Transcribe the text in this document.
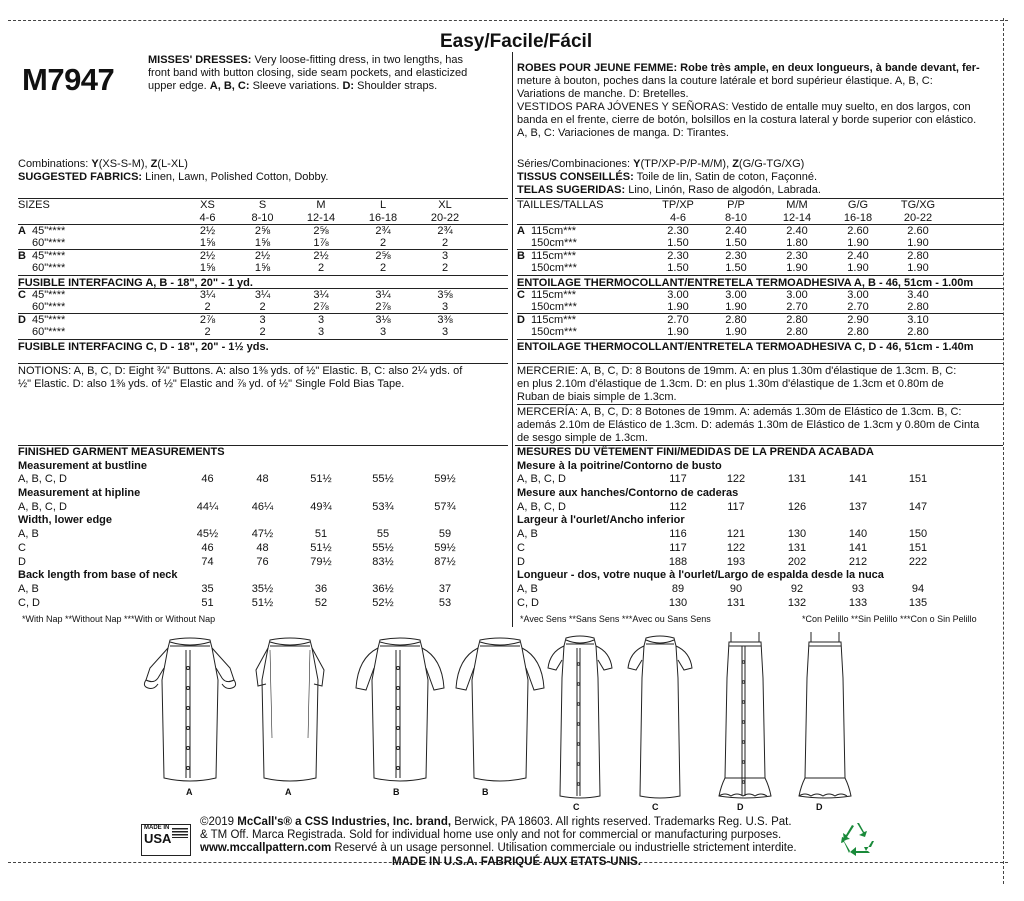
Easy/Facile/Fácil
M7947
MISSES' DRESSES: Very loose-fitting dress, in two lengths, has
front band with button closing, side seam pockets, and elasticized
upper edge. A, B, C: Sleeve variations. D: Shoulder straps.
ROBES POUR JEUNE FEMME: Robe très ample, en deux longueurs, à bande devant, fer-
meture à bouton, poches dans la couture latérale et bord supérieur élastique. A, B, C:
Variations de manche. D: Bretelles.
VESTIDOS PARA JÓVENES Y SEÑORAS: Vestido de entalle muy suelto, en dos largos, con
banda en el frente, cierre de botón, bolsillos en la costura lateral y borde superior con elástico.
A, B, C: Variaciones de manga. D: Tirantes.
Combinations: Y(XS-S-M), Z(L-XL)
SUGGESTED FABRICS: Linen, Lawn, Polished Cotton, Dobby.
Séries/Combinaciones: Y(TP/XP-P/P-M/M), Z(G/G-TG/XG)
TISSUS CONSEILLÉS: Toile de lin, Satin de coton, Façonné.
TELAS SUGERIDAS: Lino, Linón, Raso de algodón, Labrada.
SIZES	XS	S	M	L	XL
4-6	8-10	12-14	16-18	20-22
A 45"****	2½	2⅝	2⅝	2¾	2¾
60"****	1⅝	1⅝	1⅞	2	2
B 45"****	2½	2½	2½	2⅝	3
60"****	1⅝	1⅝	2	2	2
FUSIBLE INTERFACING A, B - 18", 20" - 1 yd.
C 45"****	3¼	3¼	3¼	3¼	3⅝
60"****	2	2	2⅞	2⅞	3
D 45"****	2⅞	3	3	3⅛	3⅜
60"****	2	2	3	3	3
FUSIBLE INTERFACING C, D - 18", 20" - 1½ yds.
NOTIONS: A, B, C, D: Eight ¾" Buttons. A: also 1⅜ yds. of ½" Elastic. B, C: also 2¼ yds. of
½" Elastic. D: also 1⅜ yds. of ½" Elastic and ⅞ yd. of ½" Single Fold Bias Tape.
TAILLES/TALLAS	TP/XP	P/P	M/M	G/G	TG/XG
4-6	8-10	12-14	16-18	20-22
A 115cm***	2.30	2.40	2.40	2.60	2.60
150cm***	1.50	1.50	1.80	1.90	1.90
B 115cm***	2.30	2.30	2.30	2.40	2.80
150cm***	1.50	1.50	1.90	1.90	1.90
ENTOILAGE THERMOCOLLANT/ENTRETELA TERMOADHESIVA A, B - 46, 51cm - 1.00m
C 115cm***	3.00	3.00	3.00	3.00	3.40
150cm***	1.90	1.90	2.70	2.70	2.80
D 115cm***	2.70	2.80	2.80	2.90	3.10
150cm***	1.90	1.90	2.80	2.80	2.80
ENTOILAGE THERMOCOLLANT/ENTRETELA TERMOADHESIVA C, D - 46, 51cm - 1.40m
MERCERIE: A, B, C, D: 8 Boutons de 19mm. A: en plus 1.30m d'élastique de 1.3cm. B, C:
en plus 2.10m d'élastique de 1.3cm. D: en plus 1.30m d'élastique de 1.3cm et 0.80m de
Ruban de biais simple de 1.3cm.
MERCERÍA: A, B, C, D: 8 Botones de 19mm. A: además 1.30m de Elástico de 1.3cm. B, C:
además 2.10m de Elástico de 1.3cm. D: además 1.30m de Elástico de 1.3cm y 0.80m de Cinta
de sesgo simple de 1.3cm.
FINISHED GARMENT MEASUREMENTS
Measurement at bustline
A, B, C, D	46	48	51½	55½	59½
Measurement at hipline
A, B, C, D	44¼	46¼	49¾	53¾	57¾
Width, lower edge
A, B	45½	47½	51	55	59
C	46	48	51½	55½	59½
D	74	76	79½	83½	87½
Back length from base of neck
A, B	35	35½	36	36½	37
C, D	51	51½	52	52½	53
*With Nap **Without Nap ***With or Without Nap
MESURES DU VÊTEMENT FINI/MEDIDAS DE LA PRENDA ACABADA
Mesure à la poitrine/Contorno de busto
A, B, C, D	117	122	131	141	151
Mesure aux hanches/Contorno de caderas
A, B, C, D	112	117	126	137	147
Largeur à l'ourlet/Ancho inferior
A, B	116	121	130	140	150
C	117	122	131	141	151
D	188	193	202	212	222
Longueur - dos, votre nuque à l'ourlet/Largo de espalda desde la nuca
A, B	89	90	92	93	94
C, D	130	131	132	133	135
*Avec Sens **Sans Sens ***Avec ou Sans Sens	*Con Pelillo **Sin Pelillo ***Con o Sin Pelillo
A	A	B	B
C	C	D	D
MADE IN
USA
©2019 McCall's® a CSS Industries, Inc. brand, Berwick, PA 18603. All rights reserved. Trademarks Reg. U.S. Pat.
& TM Off. Marca Registrada. Sold for individual home use only and not for commercial or manufacturing purposes.
www.mccallpattern.com Reservé à un usage personnel. Utilisation commerciale ou industrielle strictement interdite.
MADE IN U.S.A. FABRIQUÉ AUX ETATS-UNIS.
